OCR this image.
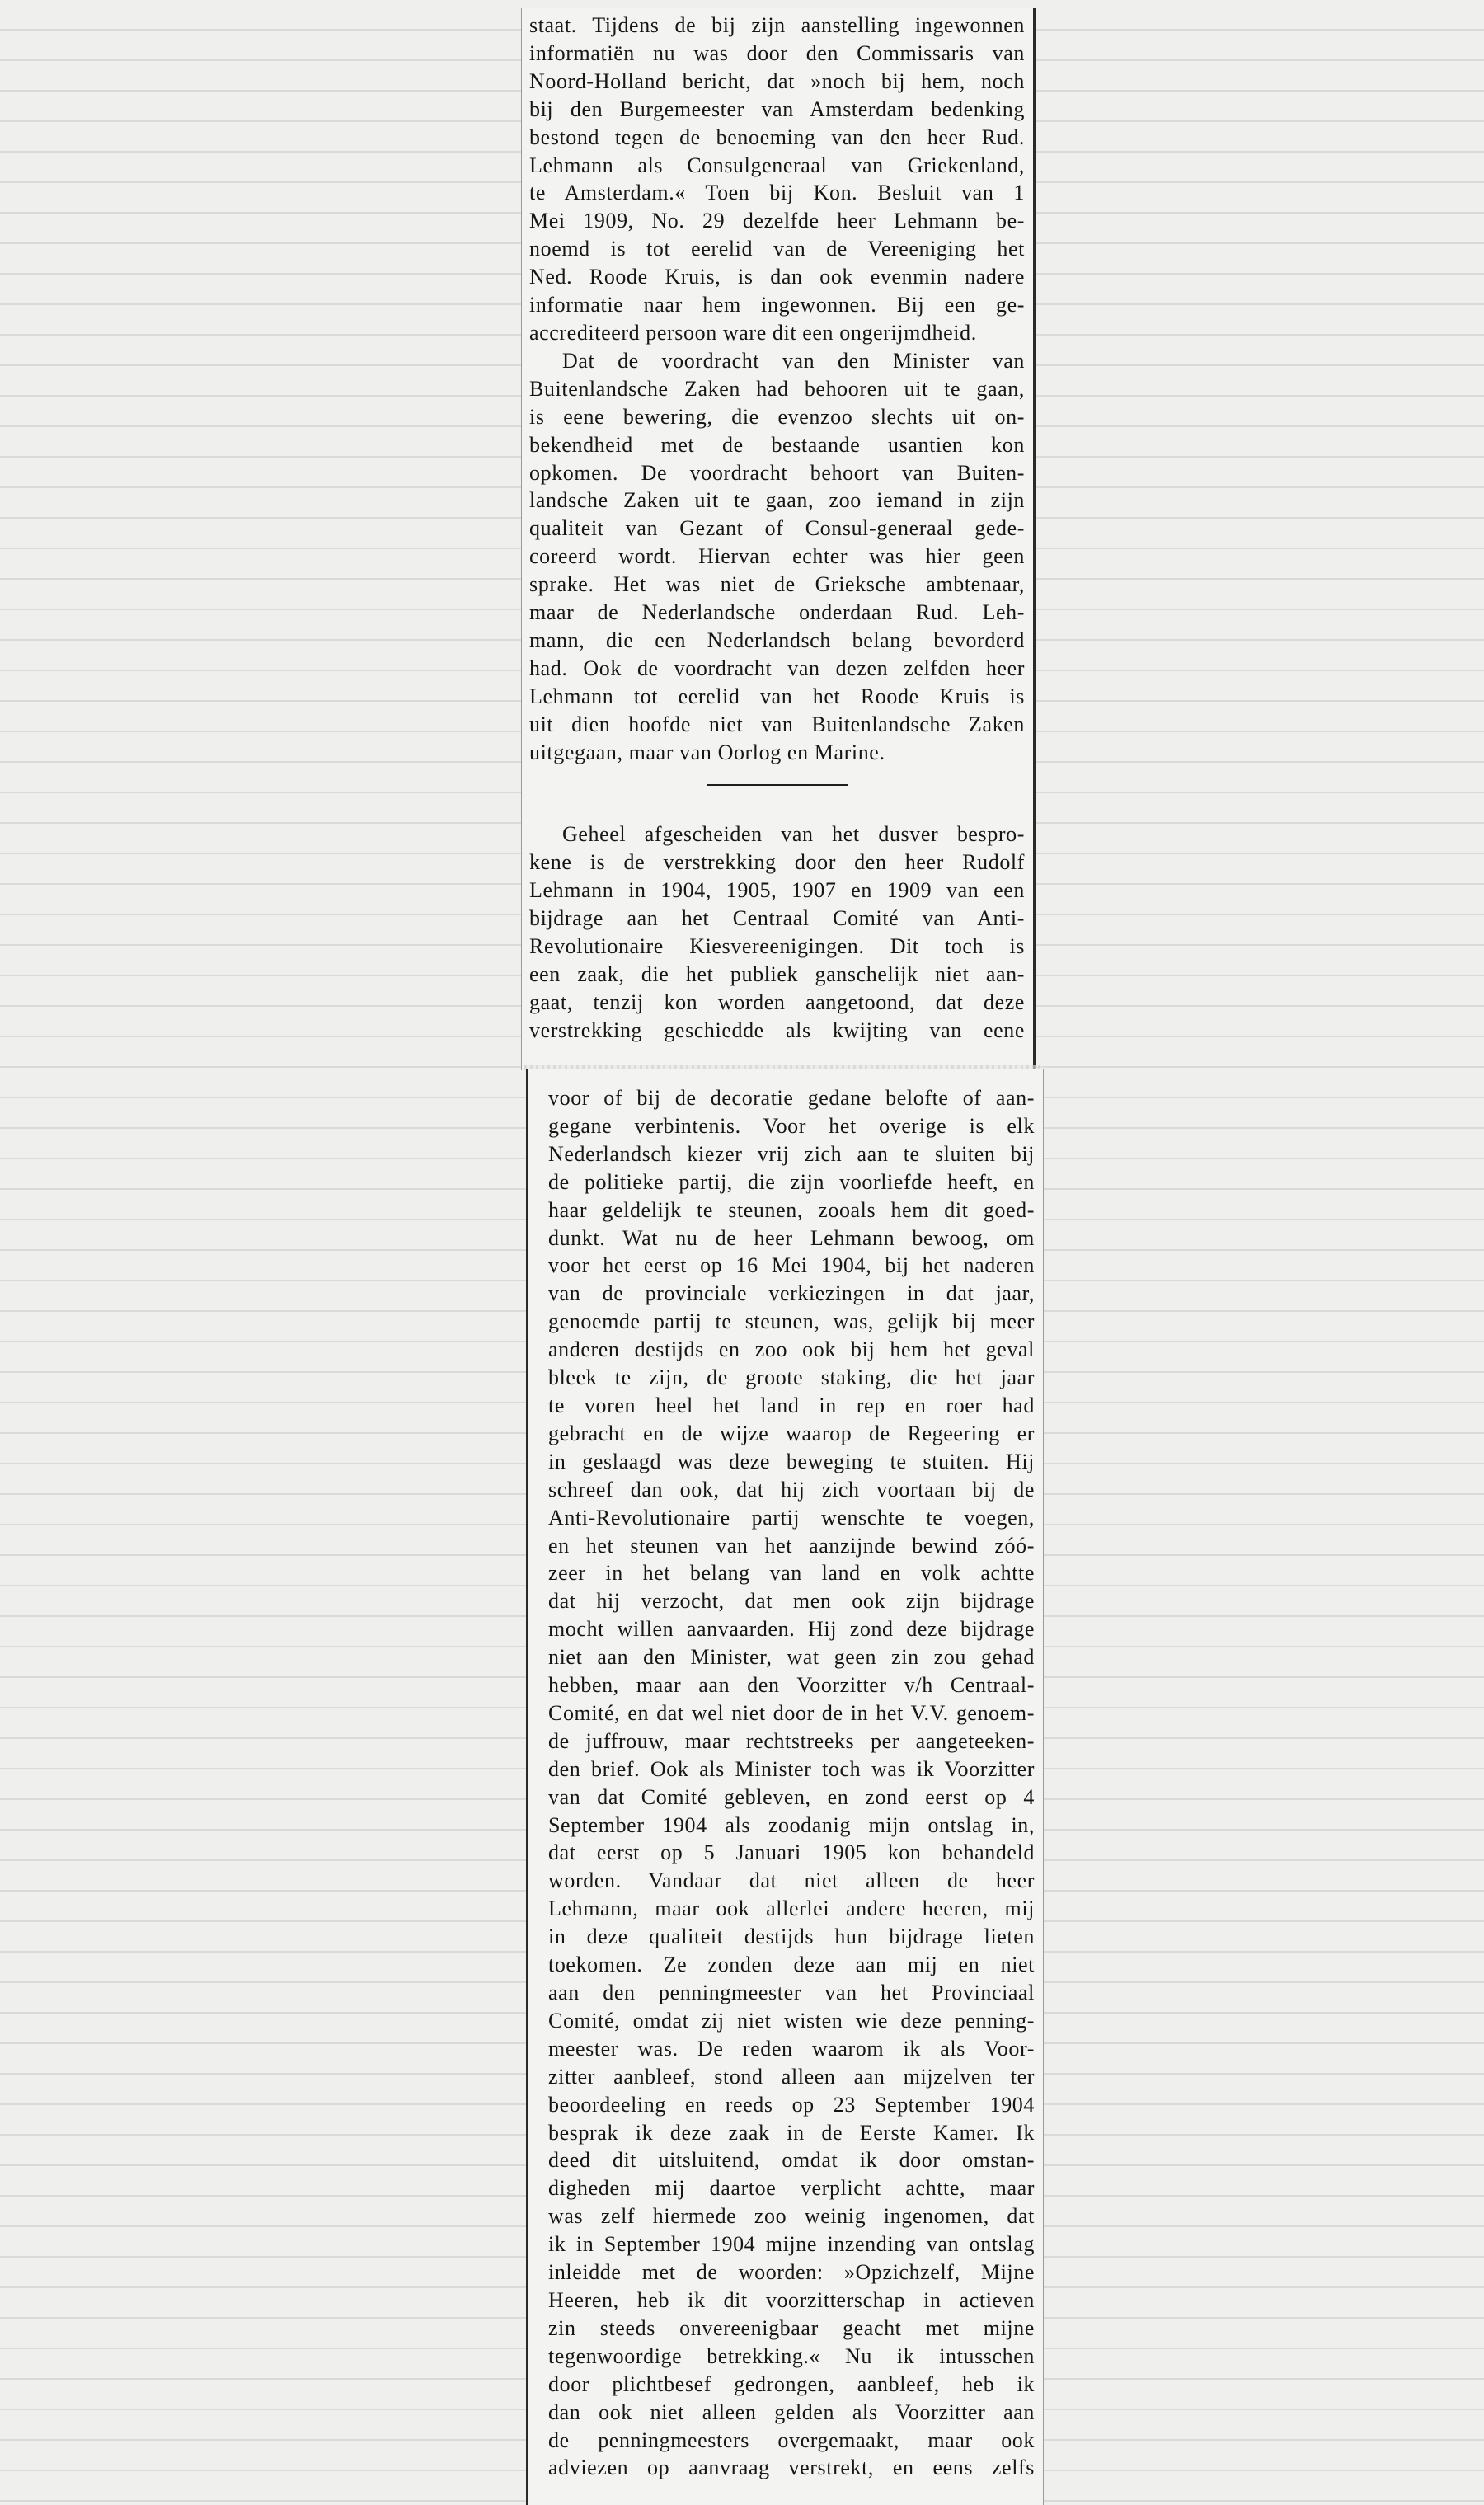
staat. Tijdens de bij zijn aanstelling ingewonnen
informatiën nu was door den Commissaris van
Noord-Holland bericht, dat »noch bij hem, noch
bij den Burgemeester van Amsterdam bedenking
bestond tegen de benoeming van den heer Rud.
Lehmann als Consulgeneraal van Griekenland,
te Amsterdam.« Toen bij Kon. Besluit van 1
Mei 1909, No. 29 dezelfde heer Lehmann be-
noemd is tot eerelid van de Vereeniging het
Ned. Roode Kruis, is dan ook evenmin nadere
informatie naar hem ingewonnen. Bij een ge-
accrediteerd persoon ware dit een ongerijmdheid.
Dat de voordracht van den Minister van
Buitenlandsche Zaken had behooren uit te gaan,
is eene bewering, die evenzoo slechts uit on-
bekendheid met de bestaande usantien kon
opkomen. De voordracht behoort van Buiten-
landsche Zaken uit te gaan, zoo iemand in zijn
qualiteit van Gezant of Consul-generaal gede-
coreerd wordt. Hiervan echter was hier geen
sprake. Het was niet de Grieksche ambtenaar,
maar de Nederlandsche onderdaan Rud. Leh-
mann, die een Nederlandsch belang bevorderd
had. Ook de voordracht van dezen zelfden heer
Lehmann tot eerelid van het Roode Kruis is
uit dien hoofde niet van Buitenlandsche Zaken
uitgegaan, maar van Oorlog en Marine.
Geheel afgescheiden van het dusver bespro-
kene is de verstrekking door den heer Rudolf
Lehmann in 1904, 1905, 1907 en 1909 van een
bijdrage aan het Centraal Comité van Anti-
Revolutionaire Kiesvereenigingen. Dit toch is
een zaak, die het publiek ganschelijk niet aan-
gaat, tenzij kon worden aangetoond, dat deze
verstrekking geschiedde als kwijting van eene
voor of bij de decoratie gedane belofte of aan-
gegane verbintenis. Voor het overige is elk
Nederlandsch kiezer vrij zich aan te sluiten bij
de politieke partij, die zijn voorliefde heeft, en
haar geldelijk te steunen, zooals hem dit goed-
dunkt. Wat nu de heer Lehmann bewoog, om
voor het eerst op 16 Mei 1904, bij het naderen
van de provinciale verkiezingen in dat jaar,
genoemde partij te steunen, was, gelijk bij meer
anderen destijds en zoo ook bij hem het geval
bleek te zijn, de groote staking, die het jaar
te voren heel het land in rep en roer had
gebracht en de wijze waarop de Regeering er
in geslaagd was deze beweging te stuiten. Hij
schreef dan ook, dat hij zich voortaan bij de
Anti-Revolutionaire partij wenschte te voegen,
en het steunen van het aanzijnde bewind zóó-
zeer in het belang van land en volk achtte
dat hij verzocht, dat men ook zijn bijdrage
mocht willen aanvaarden. Hij zond deze bijdrage
niet aan den Minister, wat geen zin zou gehad
hebben, maar aan den Voorzitter v/h Centraal-
Comité, en dat wel niet door de in het V.V. genoem-
de juffrouw, maar rechtstreeks per aangeteeken-
den brief. Ook als Minister toch was ik Voorzitter
van dat Comité gebleven, en zond eerst op 4
September 1904 als zoodanig mijn ontslag in,
dat eerst op 5 Januari 1905 kon behandeld
worden. Vandaar dat niet alleen de heer
Lehmann, maar ook allerlei andere heeren, mij
in deze qualiteit destijds hun bijdrage lieten
toekomen. Ze zonden deze aan mij en niet
aan den penningmeester van het Provinciaal
Comité, omdat zij niet wisten wie deze penning-
meester was. De reden waarom ik als Voor-
zitter aanbleef, stond alleen aan mijzelven ter
beoordeeling en reeds op 23 September 1904
besprak ik deze zaak in de Eerste Kamer. Ik
deed dit uitsluitend, omdat ik door omstan-
digheden mij daartoe verplicht achtte, maar
was zelf hiermede zoo weinig ingenomen, dat
ik in September 1904 mijne inzending van ontslag
inleidde met de woorden: »Opzichzelf, Mijne
Heeren, heb ik dit voorzitterschap in actieven
zin steeds onvereenigbaar geacht met mijne
tegenwoordige betrekking.« Nu ik intusschen
door plichtbesef gedrongen, aanbleef, heb ik
dan ook niet alleen gelden als Voorzitter aan
de penningmeesters overgemaakt, maar ook
adviezen op aanvraag verstrekt, en eens zelfs
